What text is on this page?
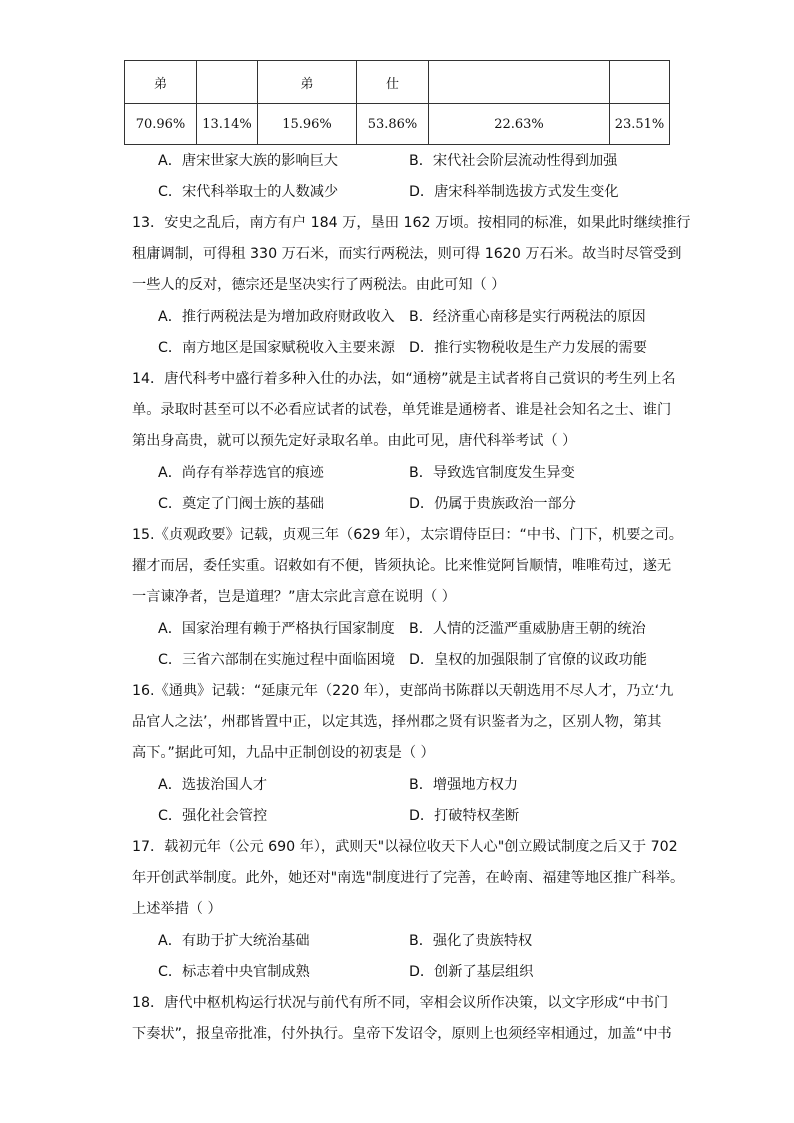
弟		弟	仕		
70.96%	13.14%	15.96%	53.86%	22.63%	23.51%
A．唐宋世家大族的影响巨大	B．宋代社会阶层流动性得到加强
C．宋代科举取士的人数减少	D．唐宋科举制选拔方式发生变化
13．安史之乱后，南方有户 184 万，垦田 162 万顷。按相同的标准，如果此时继续推行
租庸调制，可得租 330 万石米，而实行两税法，则可得 1620 万石米。故当时尽管受到
一些人的反对，德宗还是坚决实行了两税法。由此可知（ ）
A．推行两税法是为增加政府财政收入 B．经济重心南移是实行两税法的原因
C．南方地区是国家赋税收入主要来源 D．推行实物税收是生产力发展的需要
14．唐代科考中盛行着多种入仕的办法，如“通榜”就是主试者将自己赏识的考生列上名
单。录取时甚至可以不必看应试者的试卷，单凭谁是通榜者、谁是社会知名之士、谁门
第出身高贵，就可以预先定好录取名单。由此可见，唐代科举考试（ ）
A．尚存有举荐选官的痕迹	B．导致选官制度发生异变
C．奠定了门阀士族的基础	D．仍属于贵族政治一部分
15.《贞观政要》记载，贞观三年（629 年），太宗谓侍臣曰：“中书、门下，机要之司。
擢才而居，委任实重。诏敕如有不便，皆须执论。比来惟觉阿旨顺情，唯唯苟过，遂无
一言谏净者，岂是道理？”唐太宗此言意在说明（ ）
A．国家治理有赖于严格执行国家制度 B．人情的泛滥严重威胁唐王朝的统治
C．三省六部制在实施过程中面临困境 D．皇权的加强限制了官僚的议政功能
16.《通典》记载：“延康元年（220 年），吏部尚书陈群以天朝选用不尽人才，乃立‘九
品官人之法’，州郡皆置中正，以定其选，择州郡之贤有识鉴者为之，区别人物，第其
高下。”据此可知，九品中正制创设的初衷是（ ）
A．选拔治国人才	B．增强地方权力
C．强化社会管控	D．打破特权垄断
17．载初元年（公元 690 年），武则天"以禄位收天下人心"创立殿试制度之后又于 702
年开创武举制度。此外，她还对"南选"制度进行了完善，在岭南、福建等地区推广科举。
上述举措（ ）
A．有助于扩大统治基础	B．强化了贵族特权
C．标志着中央官制成熟	D．创新了基层组织
18．唐代中枢机构运行状况与前代有所不同，宰相会议所作决策，以文字形成“中书门
下奏状”，报皇帝批准，付外执行。皇帝下发诏令，原则上也须经宰相通过，加盖“中书
